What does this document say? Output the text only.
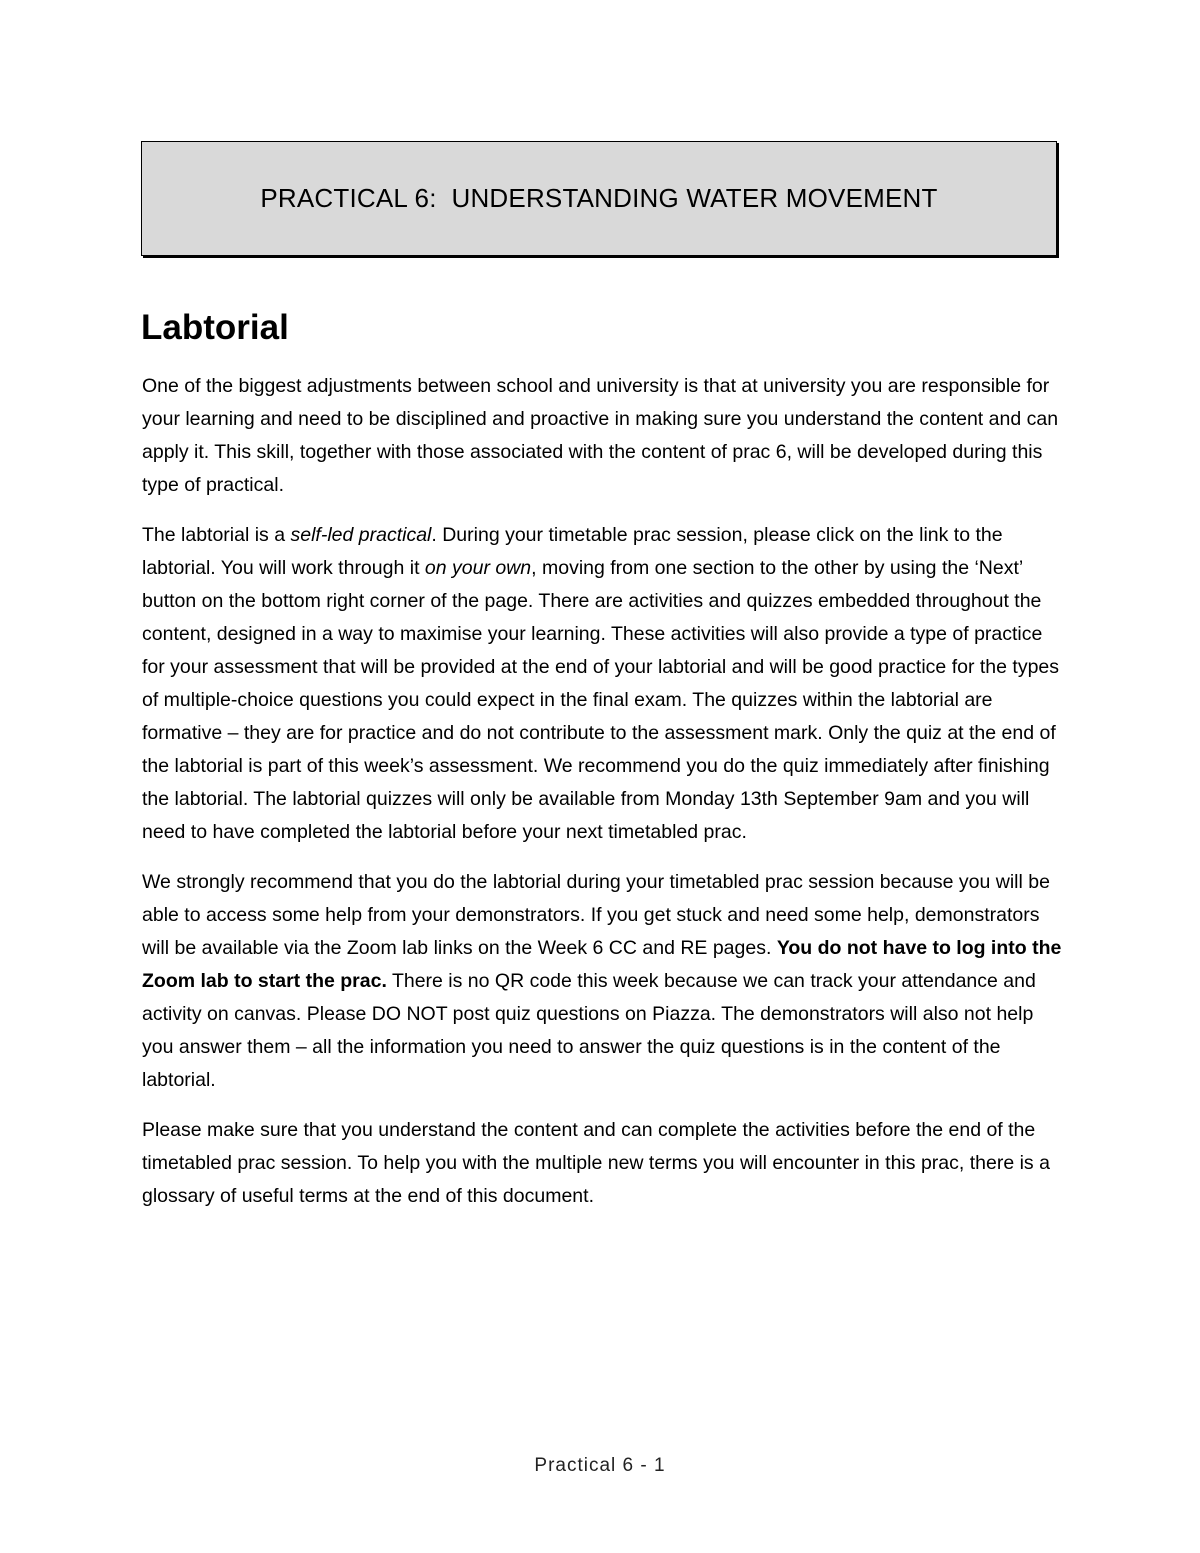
PRACTICAL 6:  UNDERSTANDING WATER MOVEMENT
Labtorial

One of the biggest adjustments between school and university is that at university you are responsible for your learning and need to be disciplined and proactive in making sure you understand the content and can apply it. This skill, together with those associated with the content of prac 6, will be developed during this type of practical.

The labtorial is a self-led practical. During your timetable prac session, please click on the link to the labtorial. You will work through it on your own, moving from one section to the other by using the ‘Next’ button on the bottom right corner of the page. There are activities and quizzes embedded throughout the content, designed in a way to maximise your learning. These activities will also provide a type of practice for your assessment that will be provided at the end of your labtorial and will be good practice for the types of multiple-choice questions you could expect in the final exam. The quizzes within the labtorial are formative – they are for practice and do not contribute to the assessment mark. Only the quiz at the end of the labtorial is part of this week’s assessment. We recommend you do the quiz immediately after finishing the labtorial. The labtorial quizzes will only be available from Monday 13th September 9am and you will need to have completed the labtorial before your next timetabled prac.

We strongly recommend that you do the labtorial during your timetabled prac session because you will be able to access some help from your demonstrators. If you get stuck and need some help, demonstrators will be available via the Zoom lab links on the Week 6 CC and RE pages. You do not have to log into the Zoom lab to start the prac. There is no QR code this week because we can track your attendance and activity on canvas. Please DO NOT post quiz questions on Piazza. The demonstrators will also not help you answer them – all the information you need to answer the quiz questions is in the content of the labtorial.

Please make sure that you understand the content and can complete the activities before the end of the timetabled prac session. To help you with the multiple new terms you will encounter in this prac, there is a glossary of useful terms at the end of this document.

Practical 6 - 1
